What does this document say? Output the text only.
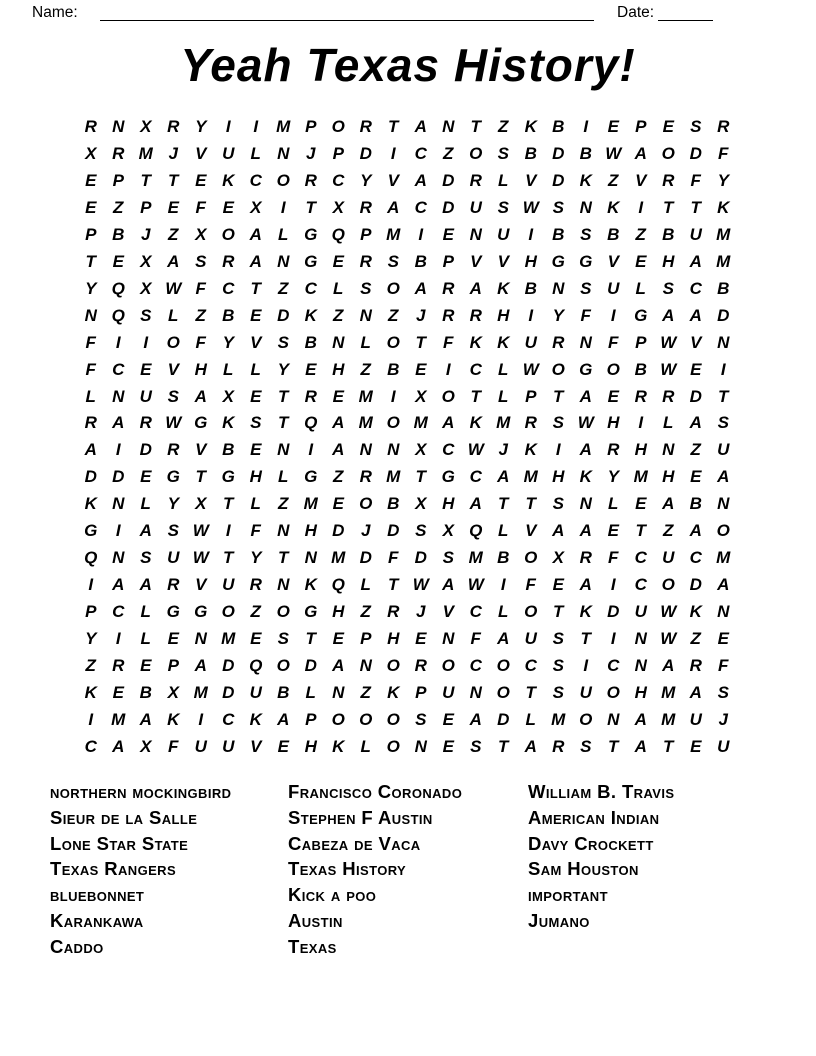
Name:	Date:
Yeah Texas History!
R N X R Y	I	I	M P O R T A N T	Z K B	I	E P E S R
X R M J	V U L N J	P D	I	C Z O S B D B W A O D F
E P T	T E K C O R C Y V A D R L V D K Z V R F Y
E Z P E F E X	I	T X R A C D U S W S N K	I	T	T K
P B J	Z X O A L G Q P M	I	E N U	I	B S B Z B U M
T E X A S R A N G E R S B P V V H G G V E H A M
Y Q X W F C T	Z C L S O A R A K B N S U L S C B
N Q S L	Z B E D K Z N Z	J R R H	I	Y F	I	G A A D
F	I	I	O F Y V S B N L O T	F K K U R N F P W V N
F C E V H L	L Y E H Z B E	I	C L W O G O B W E	I
L N U S A X E T R E M	I	X O T	L P T A E R R D T
R A R W G K S T Q A M O M A K M R S W H	I	L A S
A	I	D R V B E N	I	A N N X C W J K	I	A R H N Z U
D D E G T G H L G Z R M T G C A M H K Y M H E A
K N L Y X T	L	Z M E O B X H A T	T S N L E A B N
G	I	A S W	I	F N H D J D S X Q L V A A E T	Z A O
Q N S U W T Y T N M D F D S M B O X R F C U C M
I	A A R V U R N K Q L	T W A W	I	F E A	I	C O D A
P C L G G O Z O G H Z R J	V C L O T K D U W K N
Y	I	L E N M E S T E P H E N F A U S T	I	N W Z E
Z R E P A D Q O D A N O R O C O C S	I	C N A R F
K E B X M D U B L N Z K P U N O T S U O H M A S
I	M A K	I	C K A P O O O S E A D L M O N A M U J
C A X F U U V E H K L O N E S T A R S T A T E U
northern mockingbird
Sieur de la Salle
Lone Star State
Texas Rangers
bluebonnet
Karankawa
Caddo
Francisco Coronado
Stephen F Austin
Cabeza de Vaca
Texas History
Kick a poo
Austin
Texas
William B. Travis
American Indian
Davy Crockett
Sam Houston
important
Jumano
